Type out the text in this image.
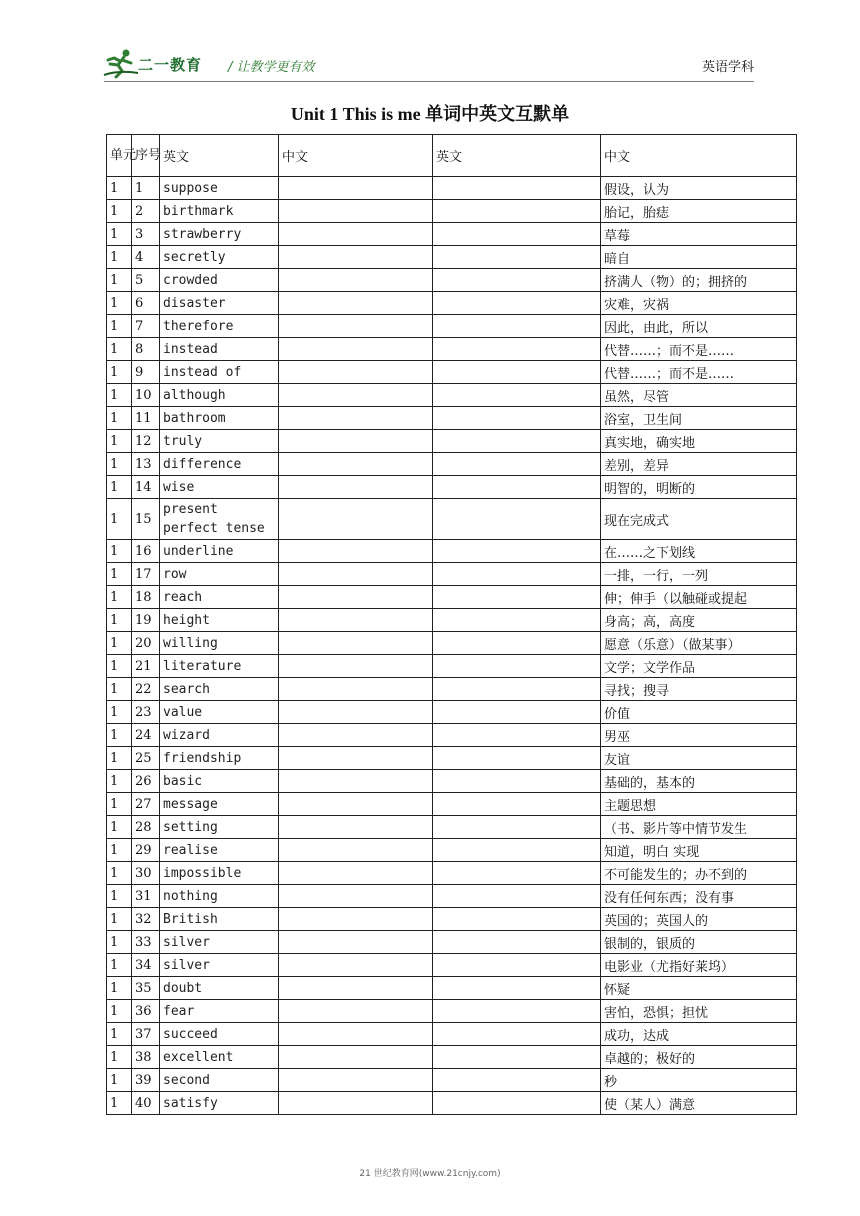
二一教育 / 让教学更有效	英语学科
Unit 1 This is me 单词中英文互默单
单元	序号	英文	中文	英文	中文
1	1	suppose			假设，认为
1	2	birthmark			胎记，胎痣
1	3	strawberry			草莓
1	4	secretly			暗自
1	5	crowded			挤满人（物）的；拥挤的
1	6	disaster			灾难，灾祸
1	7	therefore			因此，由此，所以
1	8	instead			代替……；而不是……
1	9	instead of			代替……；而不是……
1	10	although			虽然，尽管
1	11	bathroom			浴室，卫生间
1	12	truly			真实地，确实地
1	13	difference			差别，差异
1	14	wise			明智的，明断的
1	15	present perfect tense			现在完成式
1	16	underline			在……之下划线
1	17	row			一排，一行，一列
1	18	reach			伸；伸手（以触碰或提起
1	19	height			身高；高，高度
1	20	willing			愿意（乐意）（做某事）
1	21	literature			文学；文学作品
1	22	search			寻找；搜寻
1	23	value			价值
1	24	wizard			男巫
1	25	friendship			友谊
1	26	basic			基础的，基本的
1	27	message			主题思想
1	28	setting			（书、影片等中情节发生
1	29	realise			知道，明白 实现
1	30	impossible			不可能发生的；办不到的
1	31	nothing			没有任何东西；没有事
1	32	British			英国的；英国人的
1	33	silver			银制的，银质的
1	34	silver			电影业（尤指好莱坞）
1	35	doubt			怀疑
1	36	fear			害怕，恐惧；担忧
1	37	succeed			成功，达成
1	38	excellent			卓越的；极好的
1	39	second			秒
1	40	satisfy			使（某人）满意
21 世纪教育网(www.21cnjy.com)
